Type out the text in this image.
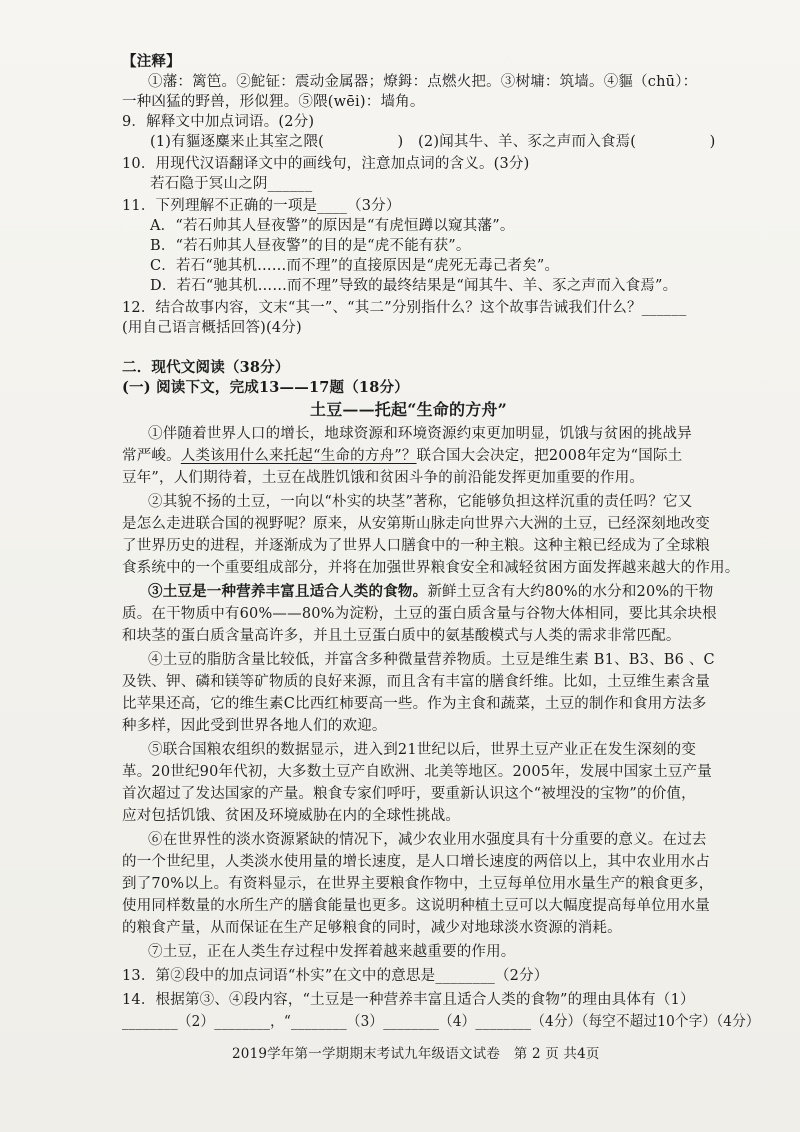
【注释】
①藩：篱笆。②鮀钲：震动金属器；燎鉧：点燃火把。③树墉：筑墙。④貙（chū）：
一种凶猛的野兽，形似狸。⑤隈(wēi)：墙角。
9．解释文中加点词语。(2分)
(1)有貙逐麋来止其室之隈(　　　　　)　(2)闻其牛、羊、豕之声而入食焉(　　　　　)
10．用现代汉语翻译文中的画线句，注意加点词的含义。(3分)
若石隐于冥山之阴______
11．下列理解不正确的一项是____（3分）
A．“若石帅其人昼夜警”的原因是“有虎恒蹲以窥其藩”。
B．“若石帅其人昼夜警”的目的是“虎不能有获”。
C．若石“驰其机……而不理”的直接原因是“虎死无毒己者矣”。
D．若石“驰其机……而不理”导致的最终结果是“闻其牛、羊、豕之声而入食焉”。
12．结合故事内容，文末“其一”、“其二”分别指什么？这个故事告诫我们什么？______
(用自己语言概括回答)(4分)
二．现代文阅读（38分）
(一) 阅读下文，完成13——17题（18分）
土豆——托起“生命的方舟”
①伴随着世界人口的增长，地球资源和环境资源约束更加明显，饥饿与贫困的挑战异
常严峻。人类该用什么来托起“生命的方舟”？联合国大会决定，把2008年定为“国际土
豆年”，人们期待着，土豆在战胜饥饿和贫困斗争的前沿能发挥更加重要的作用。
②其貌不扬的土豆，一向以“朴实的块茎”著称，它能够负担这样沉重的责任吗？它又
是怎么走进联合国的视野呢？原来，从安第斯山脉走向世界六大洲的土豆，已经深刻地改变
了世界历史的进程，并逐渐成为了世界人口膳食中的一种主粮。这种主粮已经成为了全球粮
食系统中的一个重要组成部分，并将在加强世界粮食安全和减轻贫困方面发挥越来越大的作用。
③土豆是一种营养丰富且适合人类的食物。新鲜土豆含有大约80%的水分和20%的干物
质。在干物质中有60%——80%为淀粉，土豆的蛋白质含量与谷物大体相同，要比其余块根
和块茎的蛋白质含量高许多，并且土豆蛋白质中的氨基酸模式与人类的需求非常匹配。
④土豆的脂肪含量比较低，并富含多种微量营养物质。土豆是维生素 B1、B3、B6 、C
及铁、钾、磷和镁等矿物质的良好来源，而且含有丰富的膳食纤维。比如，土豆维生素含量
比苹果还高，它的维生素C比西红柿要高一些。作为主食和蔬菜，土豆的制作和食用方法多
种多样，因此受到世界各地人们的欢迎。
⑤联合国粮农组织的数据显示，进入到21世纪以后，世界土豆产业正在发生深刻的变
革。20世纪90年代初，大多数土豆产自欧洲、北美等地区。2005年，发展中国家土豆产量
首次超过了发达国家的产量。粮食专家们呼吁，要重新认识这个“被埋没的宝物”的价值，
应对包括饥饿、贫困及环境威胁在内的全球性挑战。
⑥在世界性的淡水资源紧缺的情况下，减少农业用水强度具有十分重要的意义。在过去
的一个世纪里，人类淡水使用量的增长速度，是人口增长速度的两倍以上，其中农业用水占
到了70%以上。有资料显示，在世界主要粮食作物中，土豆每单位用水量生产的粮食更多，
使用同样数量的水所生产的膳食能量也更多。这说明种植土豆可以大幅度提高每单位用水量
的粮食产量，从而保证在生产足够粮食的同时，减少对地球淡水资源的消耗。
⑦土豆，正在人类生存过程中发挥着越来越重要的作用。
13．第②段中的加点词语“朴实”在文中的意思是________（2分）
14．根据第③、④段内容，“土豆是一种营养丰富且适合人类的食物”的理由具体有（1）
________（2）________，“________（3）________（4）________（4分）（每空不超过10个字）（4分）
2019学年第一学期期末考试九年级语文试卷　第 2 页 共4页
